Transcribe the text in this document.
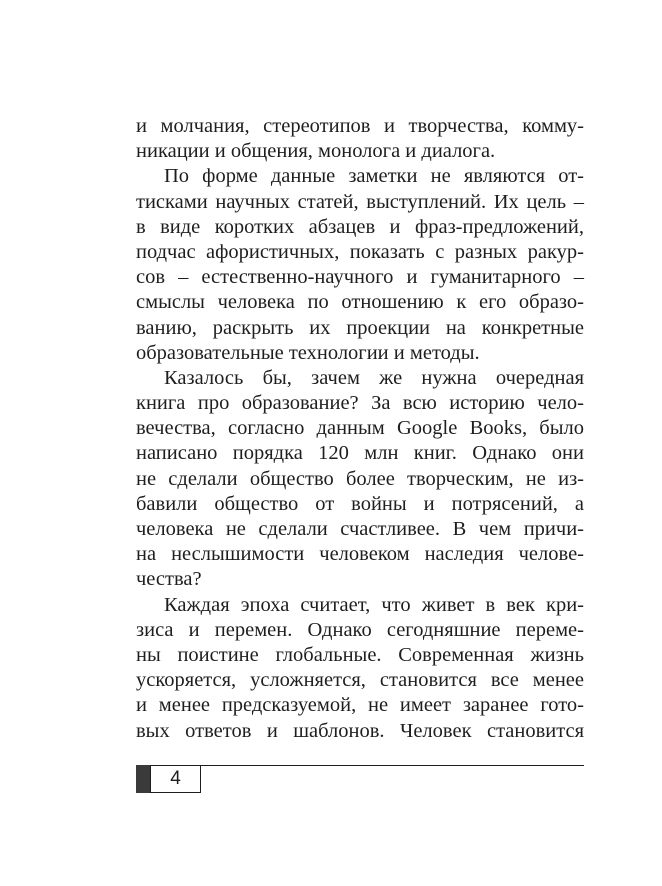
и молчания, стереотипов и творчества, комму-
никации и общения, монолога и диалога.
По форме данные заметки не являются от-
тисками научных статей, выступлений. Их цель –
в виде коротких абзацев и фраз-предложений,
подчас афористичных, показать с разных ракур-
сов – естественно-научного и гуманитарного –
смыслы человека по отношению к его образо-
ванию, раскрыть их проекции на конкретные
образовательные технологии и методы.
Казалось бы, зачем же нужна очередная
книга про образование? За всю историю чело-
вечества, согласно данным Google Books, было
написано порядка 120 млн книг. Однако они
не сделали общество более творческим, не из-
бавили общество от войны и потрясений, а
человека не сделали счастливее. В чем причи-
на неслышимости человеком наследия челове-
чества?
Каждая эпоха считает, что живет в век кри-
зиса и перемен. Однако сегодняшние переме-
ны поистине глобальные. Современная жизнь
ускоряется, усложняется, становится все менее
и менее предсказуемой, не имеет заранее гото-
вых ответов и шаблонов. Человек становится
4
